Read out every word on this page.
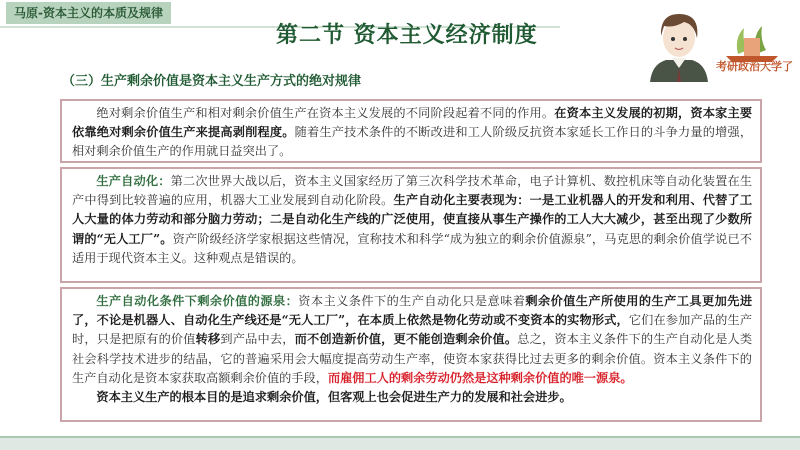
马原-资本主义的本质及规律
第二节 资本主义经济制度
（三）生产剩余价值是资本主义生产方式的绝对规律
考研政治大学了

绝对剩余价值生产和相对剩余价值生产在资本主义发展的不同阶段起着不同的作用。在资本主义发展的初期，资本家主要依靠绝对剩余价值生产来提高剥削程度。随着生产技术条件的不断改进和工人阶级反抗资本家延长工作日的斗争力量的增强，相对剩余价值生产的作用就日益突出了。

生产自动化：第二次世界大战以后，资本主义国家经历了第三次科学技术革命，电子计算机、数控机床等自动化装置在生产中得到比较普遍的应用，机器大工业发展到自动化阶段。生产自动化主要表现为：一是工业机器人的开发和利用、代替了工人大量的体力劳动和部分脑力劳动；二是自动化生产线的广泛使用，使直接从事生产操作的工人大大减少，甚至出现了少数所谓的“无人工厂”。资产阶级经济学家根据这些情况，宣称技术和科学“成为独立的剩余价值源泉”，马克思的剩余价值学说已不适用于现代资本主义。这种观点是错误的。

生产自动化条件下剩余价值的源泉：资本主义条件下的生产自动化只是意味着剩余价值生产所使用的生产工具更加先进了，不论是机器人、自动化生产线还是“无人工厂”，在本质上依然是物化劳动或不变资本的实物形式，它们在参加产品的生产时，只是把原有的价值转移到产品中去，而不创造新价值，更不能创造剩余价值。总之，资本主义条件下的生产自动化是人类社会科学技术进步的结晶，它的普遍采用会大幅度提高劳动生产率，使资本家获得比过去更多的剩余价值。资本主义条件下的生产自动化是资本家获取高额剩余价值的手段，而雇佣工人的剩余劳动仍然是这种剩余价值的唯一源泉。

资本主义生产的根本目的是追求剩余价值，但客观上也会促进生产力的发展和社会进步。
